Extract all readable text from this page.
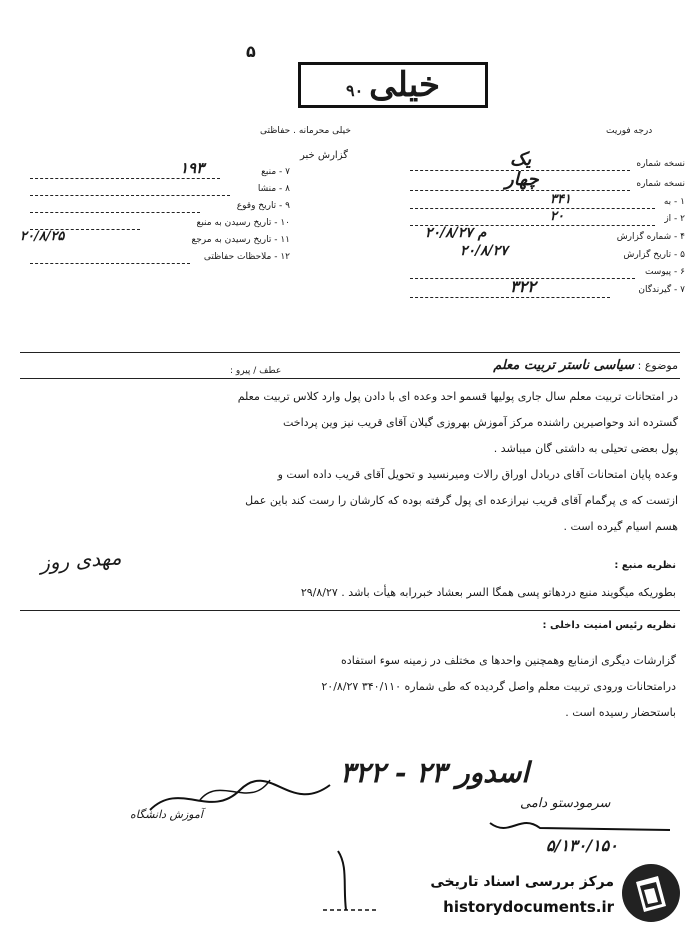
۵
خیلی۹۰
درجه فوریت
خیلی محرمانه . حفاظتی
گزارش خبر
۱۹۳	۷ - منبع
۸ - منشا
۹ - تاریخ وقوع
۱۰ - تاریخ رسیدن به منبع
۲۰/۸/۲۵	۱۱ - تاریخ رسیدن به مرجع
۱۲ - ملاحظات حفاظتی
یک	نسخه شماره
چهار	نسخه شماره
۳۴۱	۱ - به
۲۰	۲ - از
م ۲۰/۸/۲۷	۴ - شماره گزارش
۲۰/۸/۲۷	۵ - تاریخ گزارش
۶ - پیوست
۳۲۲	۷ - گیرندگان
موضوع : سیاسی ناستر تربیت معلم
عطف / پیرو :
در امتحانات تربیت معلم سال جاری پولیها قسمو احد وعده ای با دادن پول وارد کلاس تربیت معلم
گسترده اند وحواصیرین راشنده مرکز آموزش بهروزی گیلان آقای قریب نیز وین پرداخت
پول بعضی تحیلی به داشتی گان میباشد .
وعده پایان امتحانات آقای دربادل اوراق رالات ومیرنسید و تحویل آقای قریب داده است و
ازتست که ی پرگمام آقای قریب نیرازعده ای پول گرفته بوده که کارشان را رست کند باین عمل
هسم اسیام گیرده است .
مهدی روز	نظریه منبع :
بطوریکه میگویند منبع دردهاتو پسی همگا السر بعشاد خبررابه هیأت باشد . ۲۹/۸/۲۷
نظریه رئیس امنیت داخلی :
گزارشات دیگری ازمنابع وهمچنین واحدها ی مختلف در زمینه سوء استفاده
درامتحانات ورودی تربیت معلم واصل گردیده که طی شماره ۳۴۰/۱۱۰ ۲۰/۸/۲۷
باستحضار رسیده است .
اسدور ۲۳ - ۳۲۲
آموزش دانشگاه
سرمودستو دامی
۵/۱۳۰/۱۵۰
مرکز بررسی اسناد تاریخی
historydocuments.ir
